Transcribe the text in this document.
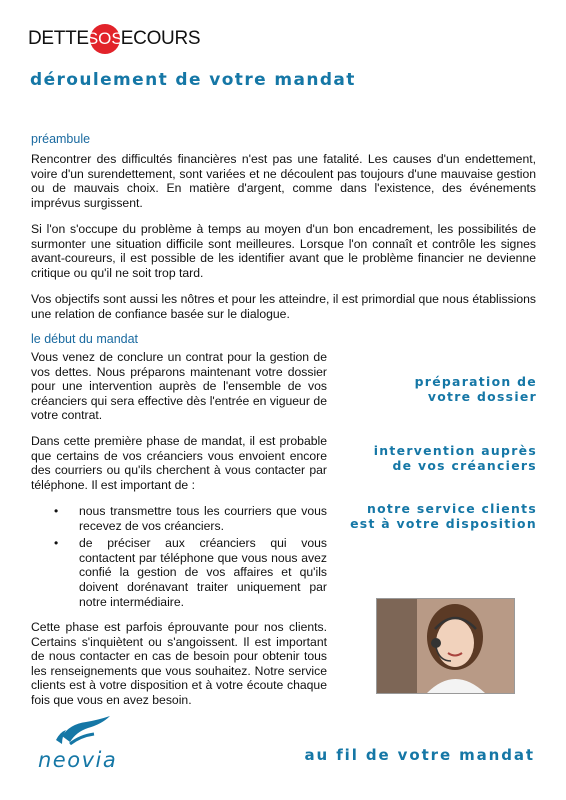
DETTE
SOS
ECOURS
déroulement de votre mandat
préambule

Rencontrer des difficultés financières n'est pas une fatalité. Les causes d'un endettement, voire d'un surendettement, sont variées et ne découlent pas toujours d'une mauvaise gestion ou de mauvais choix. En matière d'argent, comme dans l'existence, des événements imprévus surgissent.

Si l'on s'occupe du problème à temps au moyen d'un bon encadrement, les possibilités de surmonter une situation difficile sont meilleures. Lorsque l'on connaît et contrôle les signes avant-coureurs, il est possible de les identifier avant que le problème financier ne devienne critique ou qu'il ne soit trop tard.

Vos objectifs sont aussi les nôtres et pour les atteindre, il est primordial que nous établissions une relation de confiance basée sur le dialogue.

le début du mandat

Vous venez de conclure un contrat pour la gestion de vos dettes. Nous préparons maintenant votre dossier pour une intervention auprès de l'ensemble de vos créanciers qui sera effective dès l'entrée en vigueur de votre contrat.

Dans cette première phase de mandat, il est probable que certains de vos créanciers vous envoient encore des courriers ou qu'ils cherchent à vous contacter par téléphone. Il est important de :

• nous transmettre tous les courriers que vous recevez de vos créanciers.
• de préciser aux créanciers qui vous contactent par téléphone que vous nous avez confié la gestion de vos affaires et qu'ils doivent dorénavant traiter uniquement par notre intermédiaire.

Cette phase est parfois éprouvante pour nos clients. Certains s'inquiètent ou s'angoissent. Il est important de nous contacter en cas de besoin pour obtenir tous les renseignements que vous souhaitez. Notre service clients est à votre disposition et à votre écoute chaque fois que vous en avez besoin.

préparation de
votre dossier
intervention auprès
de vos créanciers
notre service clients
est à votre disposition
neovia	au fil de votre mandat
